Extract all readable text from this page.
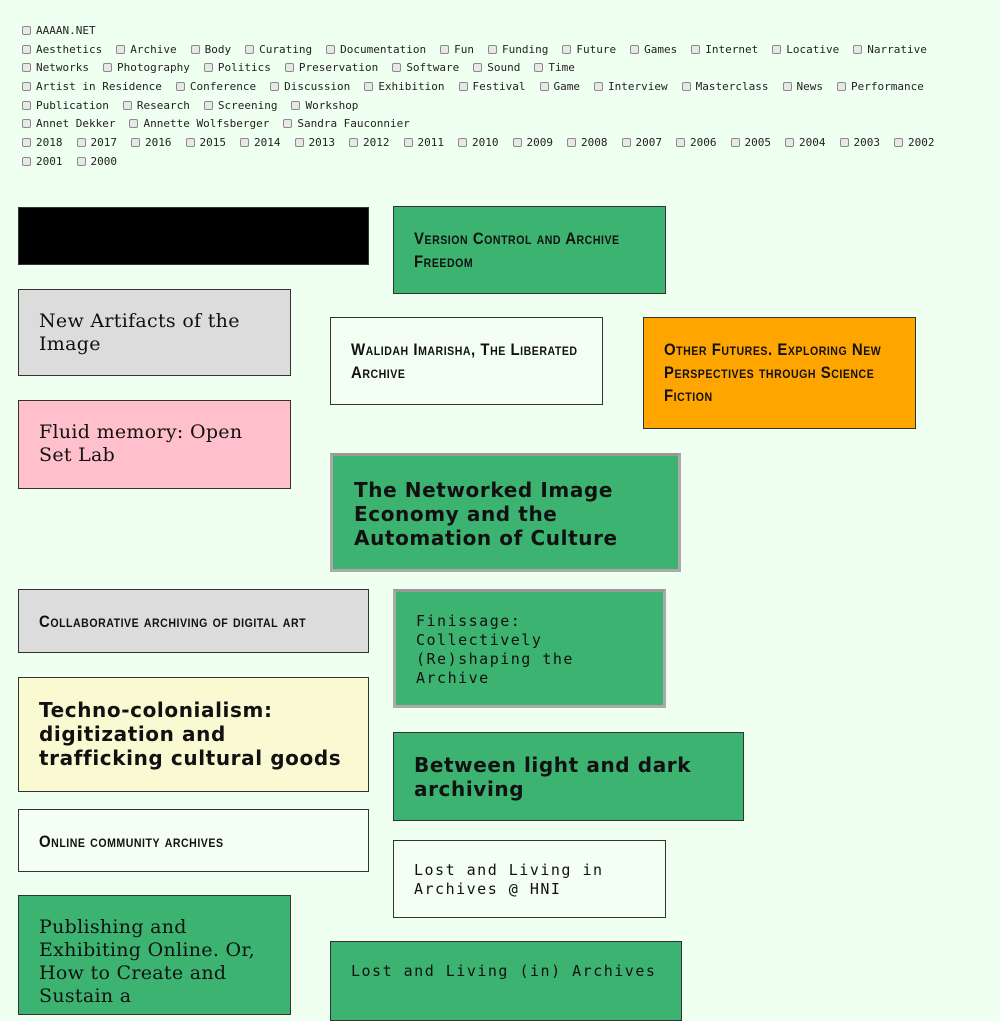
AAAAN.NET
Aesthetics	Archive	Body	Curating	Documentation	Fun	Funding	Future	Games	Internet	Locative	Narrative
Networks	Photography	Politics	Preservation	Software	Sound	Time
Artist in Residence	Conference	Discussion	Exhibition	Festival	Game	Interview	Masterclass	News	Performance
Publication	Research	Screening	Workshop
Annet Dekker	Annette Wolfsberger	Sandra Fauconnier
2018	2017	2016	2015	2014	2013	2012	2011	2010	2009	2008	2007	2006	2005	2004	2003	2002
2001	2000
Version Control and Archive Freedom
New Artifacts of the Image	Walidah Imarisha, The Liberated Archive
Other Futures. Exploring New Perspectives through Science Fiction
Fluid memory: Open Set Lab
The Networked Image Economy and the Automation of Culture
Collaborative archiving of digital art	Finissage: Collectively (Re)shaping the Archive
Techno-colonialism: digitization and trafficking cultural goods	Between light and dark archiving
Online community archives
Lost and Living in Archives @ HNI
Publishing and Exhibiting Online. Or, How to Create and Sustain a
Lost and Living (in) Archives
